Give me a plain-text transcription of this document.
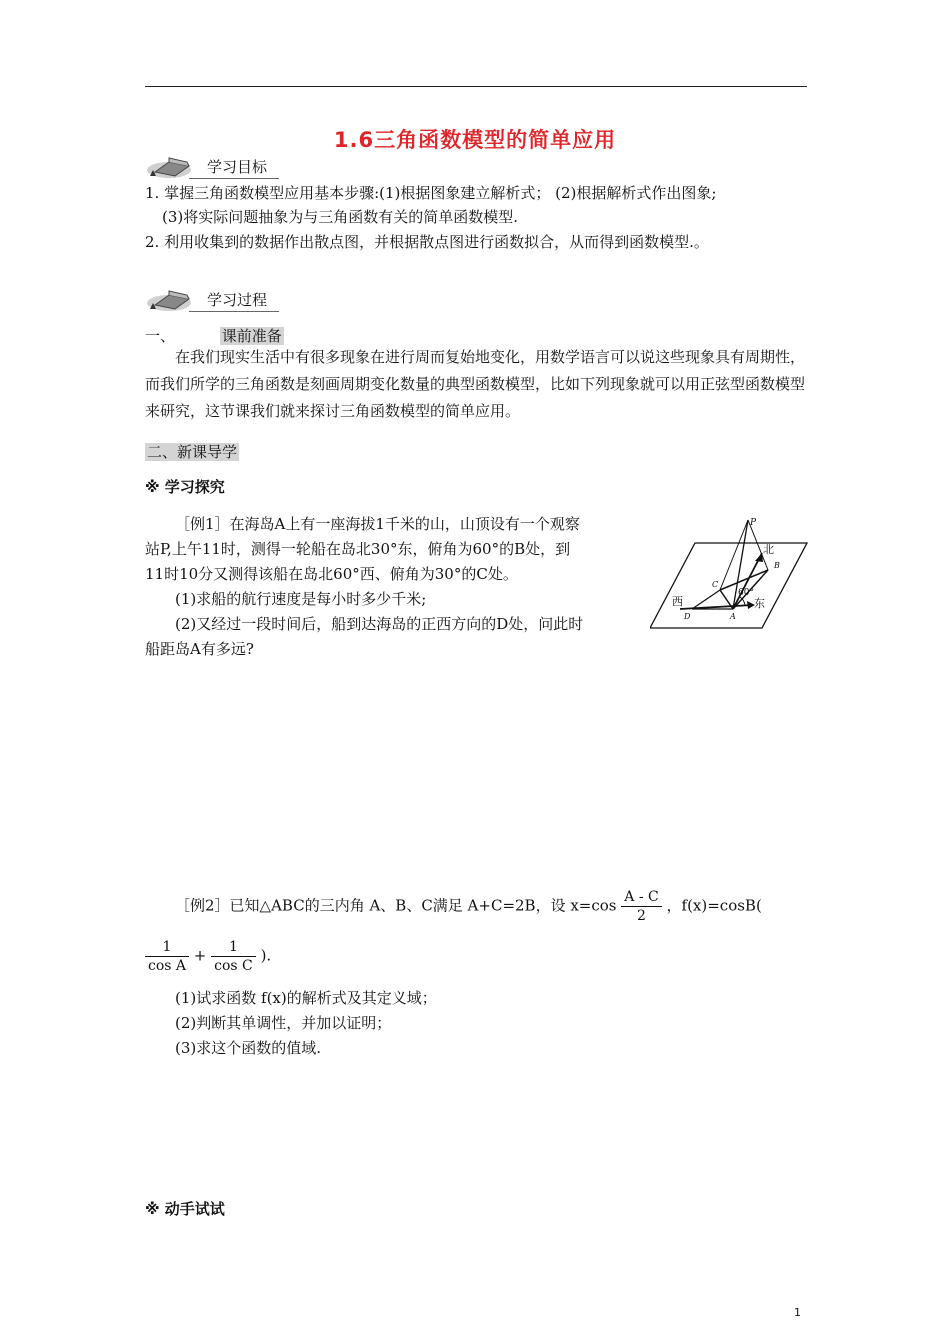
1.6三角函数模型的简单应用
学习目标
1. 掌握三角函数模型应用基本步骤:(1)根据图象建立解析式； (2)根据解析式作出图象;
(3)将实际问题抽象为与三角函数有关的简单函数模型.
2. 利用收集到的数据作出散点图，并根据散点图进行函数拟合，从而得到函数模型.。
学习过程
一、	课前准备
在我们现实生活中有很多现象在进行周而复始地变化，用数学语言可以说这些现象具有周期性，而我们所学的三角函数是刻画周期变化数量的典型函数模型，比如下列现象就可以用正弦型函数模型来研究，这节课我们就来探讨三角函数模型的简单应用。
二、新课导学
※ 学习探究

［例1］在海岛A上有一座海拔1千米的山，山顶设有一个观察

站P,上午11时，测得一轮船在岛北30°东，俯角为60°的B处，到

11时10分又测得该船在岛北60°西、俯角为30°的C处。

(1)求船的航行速度是每小时多少千米;

(2)又经过一段时间后，船到达海岛的正西方向的D处，问此时

船距岛A有多远?

P
北
B
C
60°
西
D	A
东
［例2］已知△ABC的三内角 A、B、C满足 A+C=2B，设 $x=\cos \frac{A - C}{2}$ ，f(x)=cosB(
$\frac{1}{\text{cos A}} + \frac{1}{\text{cos C}}$ ).
(1)试求函数 f(x)的解析式及其定义域；
(2)判断其单调性，并加以证明；
(3)求这个函数的值域.
※ 动手试试
1
